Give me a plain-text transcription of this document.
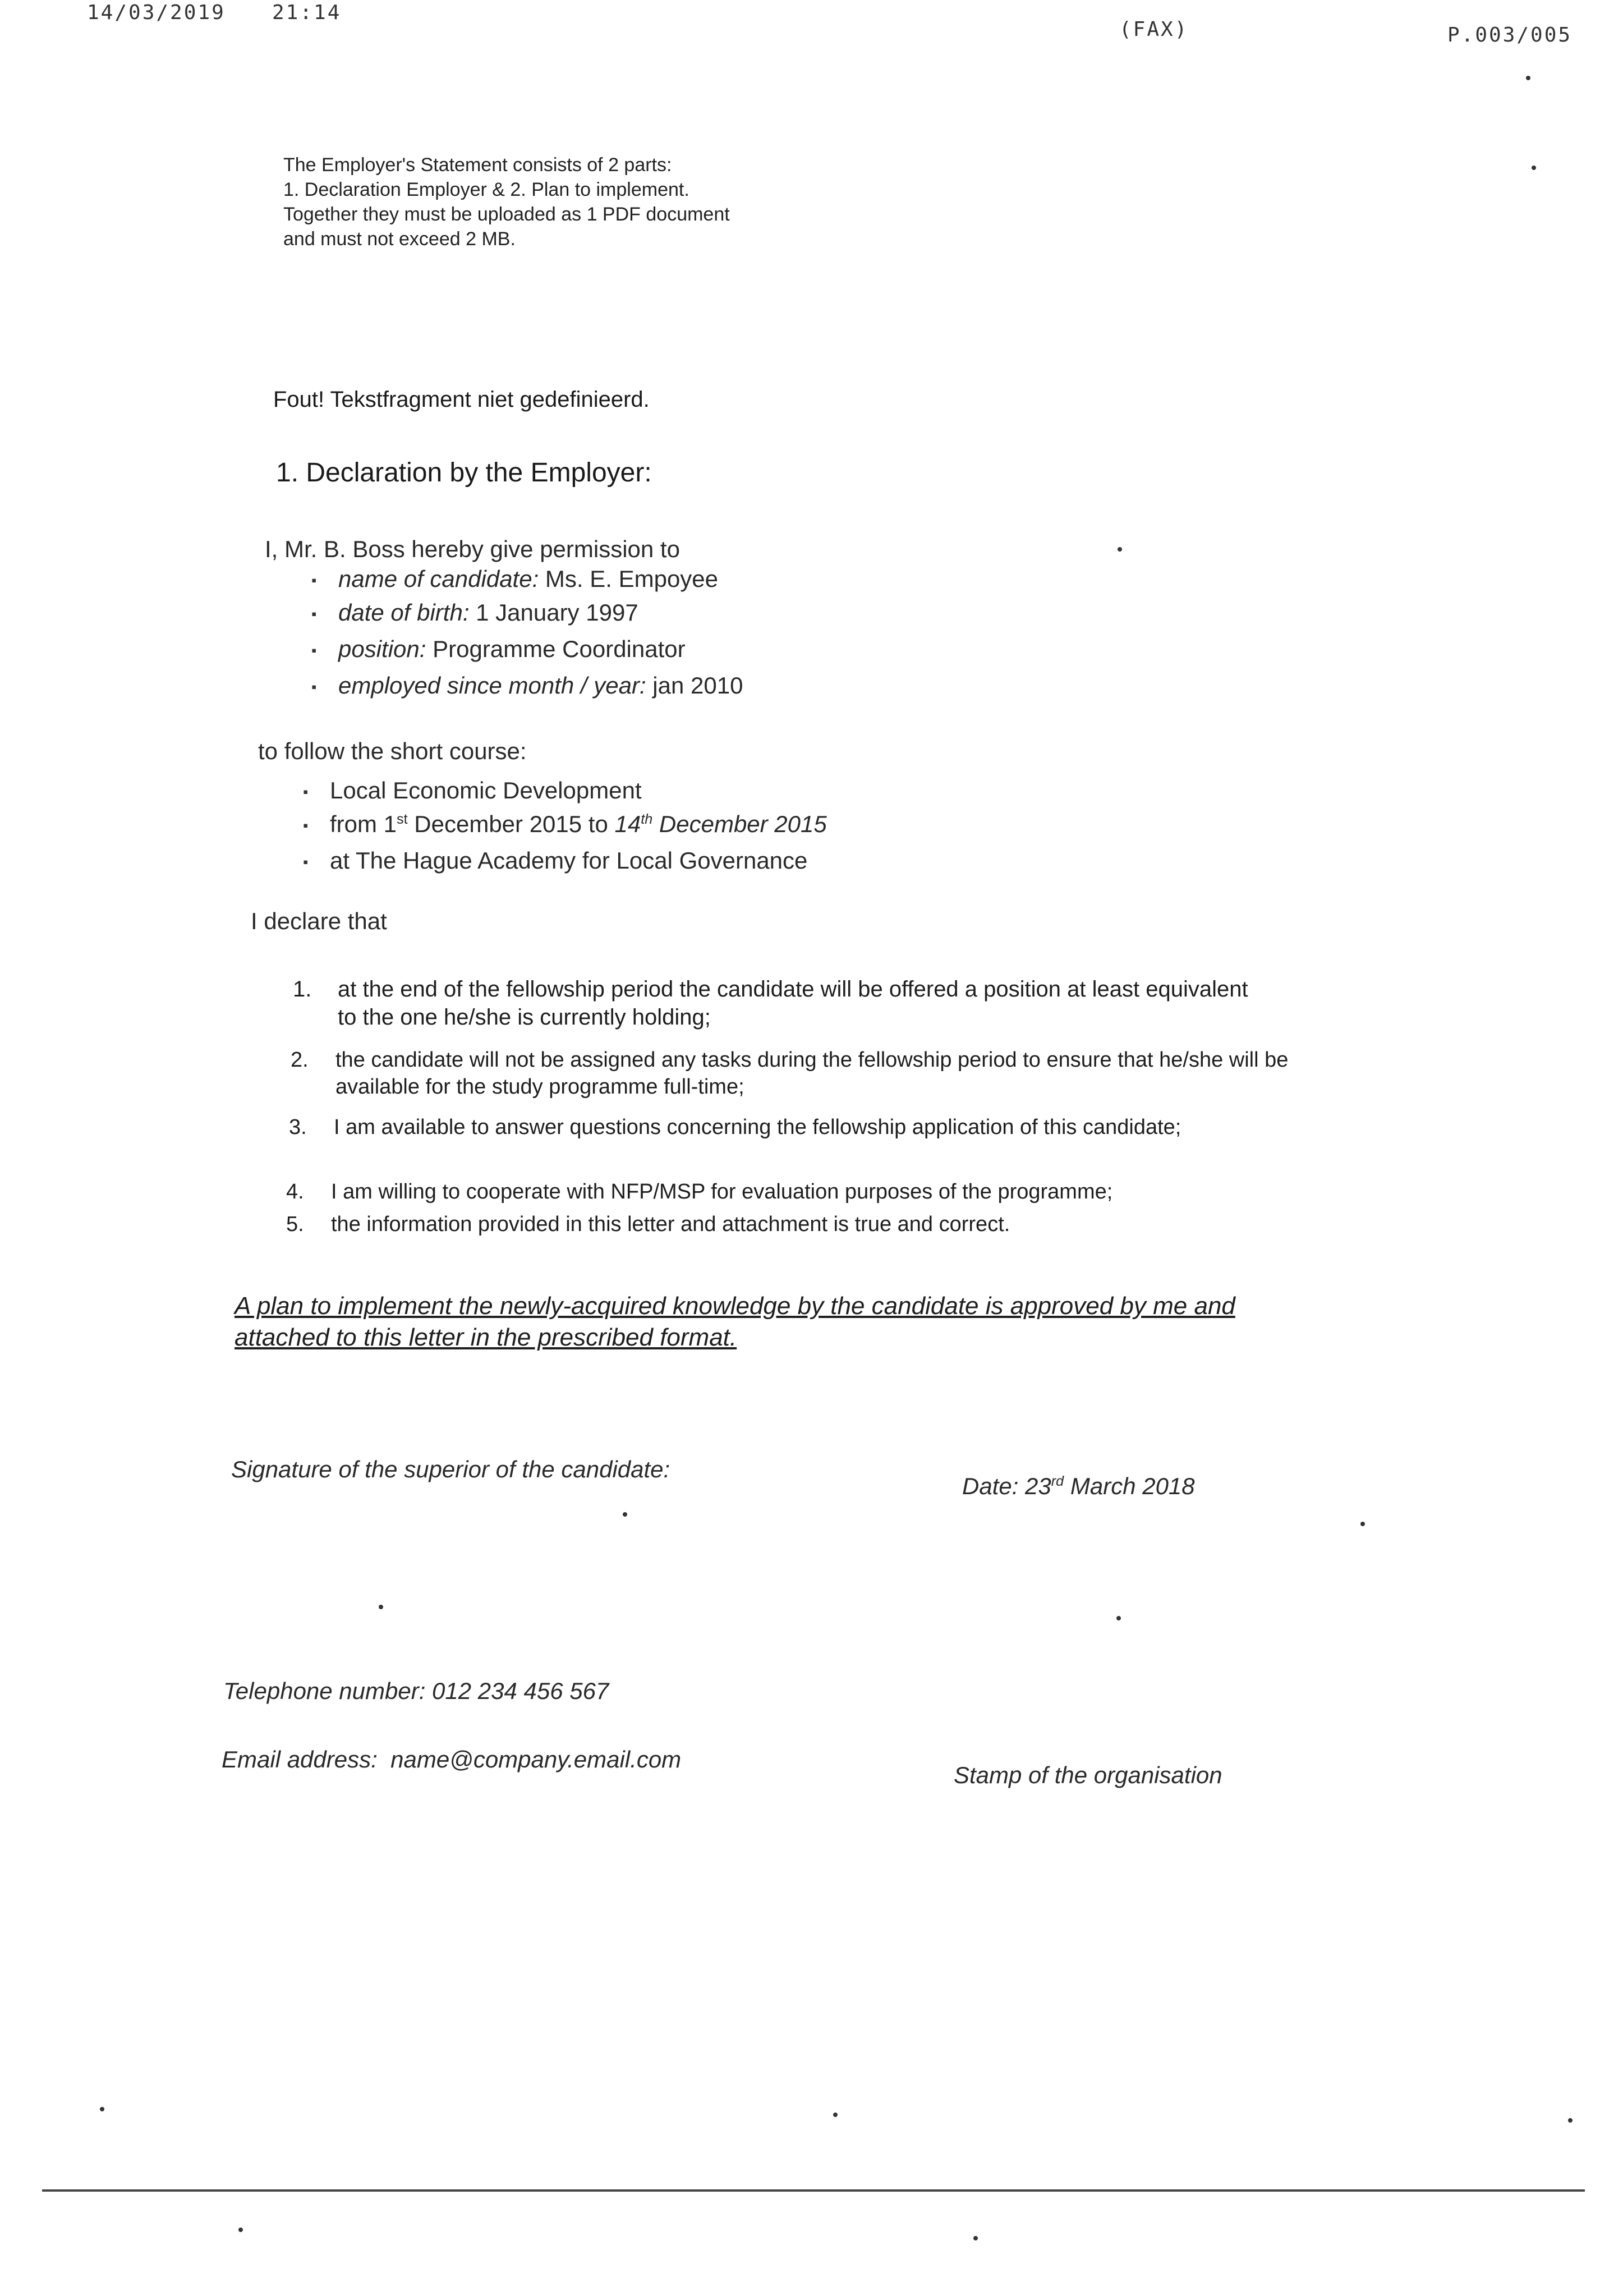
14/03/2019 21:14
(FAX)	P.003/005
The Employer's Statement consists of 2 parts:
1. Declaration Employer & 2. Plan to implement.
Together they must be uploaded as 1 PDF document
and must not exceed 2 MB.
Fout! Tekstfragment niet gedefinieerd.
1. Declaration by the Employer:
I, Mr. B. Boss hereby give permission to
▪ name of candidate: Ms. E. Empoyee
▪ date of birth: 1 January 1997
▪ position: Programme Coordinator
▪ employed since month / year: jan 2010
to follow the short course:
▪ Local Economic Development
▪ from 1st December 2015 to 14th December 2015
▪ at The Hague Academy for Local Governance
I declare that
1. at the end of the fellowship period the candidate will be offered a position at least equivalent to the one he/she is currently holding;
2. the candidate will not be assigned any tasks during the fellowship period to ensure that he/she will be available for the study programme full-time;
3. I am available to answer questions concerning the fellowship application of this candidate;
4. I am willing to cooperate with NFP/MSP for evaluation purposes of the programme;
5. the information provided in this letter and attachment is true and correct.
A plan to implement the newly-acquired knowledge by the candidate is approved by me and attached to this letter in the prescribed format.
Signature of the superior of the candidate:
Date: 23rd March 2018
Telephone number: 012 234 456 567
Email address: name@company.email.com
Stamp of the organisation
